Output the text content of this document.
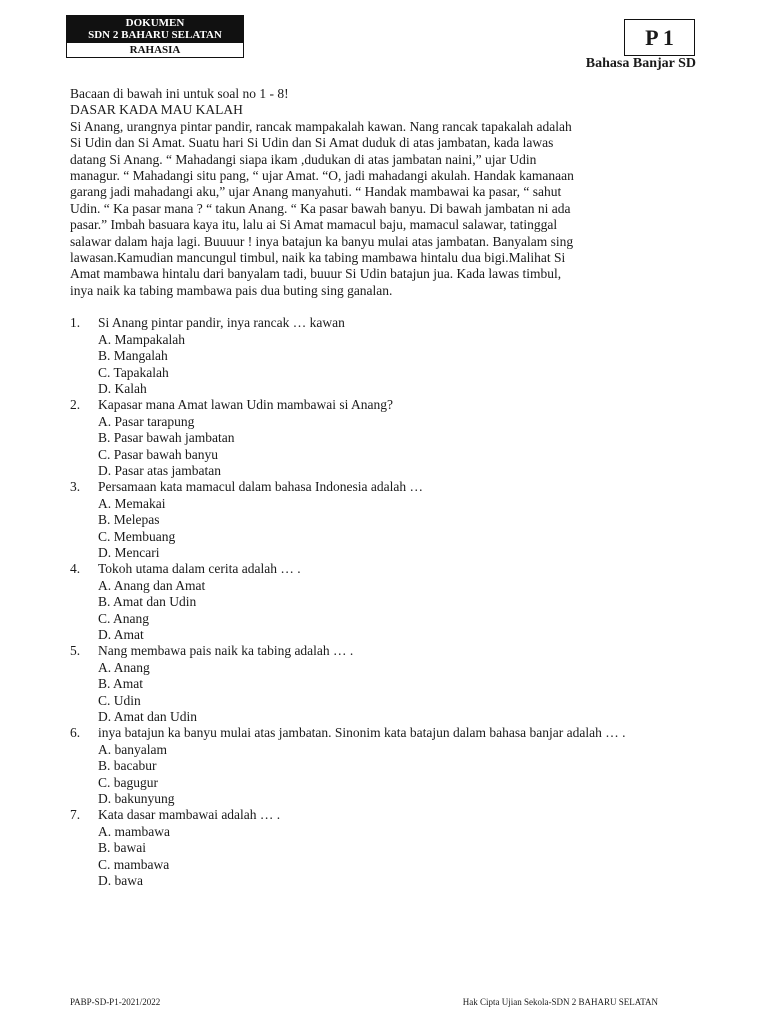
DOKUMEN
SDN 2 BAHARU SELATAN
RAHASIA
P 1
Bahasa Banjar SD

Bacaan di bawah ini untuk soal no 1 - 8!

DASAR KADA MAU KALAH

Si Anang, urangnya pintar pandir, rancak mampakalah kawan. Nang rancak tapakalah adalah

Si Udin dan Si Amat. Suatu hari Si Udin dan Si Amat duduk di atas jambatan, kada lawas

datang Si Anang. “ Mahadangi siapa ikam ,dudukan di atas jambatan naini,” ujar Udin

managur. “ Mahadangi situ pang, “ ujar Amat. “O, jadi mahadangi akulah. Handak kamanaan

garang jadi mahadangi aku,” ujar Anang manyahuti. “ Handak mambawai ka pasar, “ sahut

Udin. “ Ka pasar mana ? “ takun Anang. “ Ka pasar bawah banyu. Di bawah jambatan ni ada

pasar.” Imbah basuara kaya itu, lalu ai Si Amat mamacul baju, mamacul salawar, tatinggal

salawar dalam haja lagi. Buuuur ! inya batajun ka banyu mulai atas jambatan. Banyalam sing

lawasan.Kamudian mancungul timbul, naik ka tabing mambawa hintalu dua bigi.Malihat Si

Amat mambawa hintalu dari banyalam tadi, buuur Si Udin batajun jua. Kada lawas timbul,

inya naik ka tabing mambawa pais dua buting sing ganalan.

1.	Si Anang pintar pandir, inya rancak … kawan
A. Mampakalah
B. Mangalah
C. Tapakalah
D. Kalah
2.	Kapasar mana Amat lawan Udin mambawai si Anang?
A. Pasar tarapung
B. Pasar bawah jambatan
C. Pasar bawah banyu
D. Pasar atas jambatan
3.	Persamaan kata mamacul dalam bahasa Indonesia adalah …
A. Memakai
B. Melepas
C. Membuang
D. Mencari
4.	Tokoh utama dalam cerita adalah … .
A. Anang dan Amat
B. Amat dan Udin
C. Anang
D. Amat
5.	Nang membawa pais naik ka tabing adalah … .
A. Anang
B. Amat
C. Udin
D. Amat dan Udin
6.	inya batajun ka banyu mulai atas jambatan. Sinonim kata batajun dalam bahasa banjar adalah … .
A. banyalam
B. bacabur
C. bagugur
D. bakunyung
7.	Kata dasar mambawai adalah … .
A. mambawa
B. bawai
C. mambawa
D. bawa
PABP-SD-P1-2021/2022	Hak Cipta Ujian Sekola-SDN 2 BAHARU SELATAN
